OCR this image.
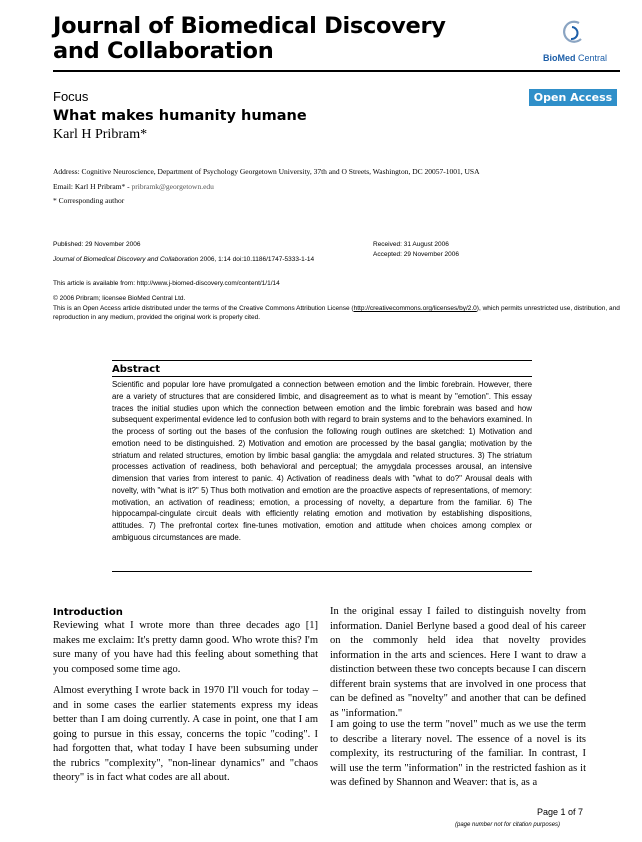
Journal of Biomedical Discovery and Collaboration	BioMed Central
Focus	Open Access
What makes humanity humane
Karl H Pribram*
Address: Cognitive Neuroscience, Department of Psychology Georgetown University, 37th and O Streets, Washington, DC 20057-1001, USA
Email: Karl H Pribram* - pribramk@georgetown.edu
* Corresponding author
Published: 29 November 2006
Journal of Biomedical Discovery and Collaboration 2006, 1:14 doi:10.1186/1747-5333-1-14
Received: 31 August 2006
Accepted: 29 November 2006
This article is available from: http://www.j-biomed-discovery.com/content/1/1/14
© 2006 Pribram; licensee BioMed Central Ltd.
This is an Open Access article distributed under the terms of the Creative Commons Attribution License (http://creativecommons.org/licenses/by/2.0), which permits unrestricted use, distribution, and reproduction in any medium, provided the original work is properly cited.
Abstract
Scientific and popular lore have promulgated a connection between emotion and the limbic forebrain. However, there are a variety of structures that are considered limbic, and disagreement as to what is meant by "emotion". This essay traces the initial studies upon which the connection between emotion and the limbic forebrain was based and how subsequent experimental evidence led to confusion both with regard to brain systems and to the behaviors examined. In the process of sorting out the bases of the confusion the following rough outlines are sketched: 1) Motivation and emotion need to be distinguished. 2) Motivation and emotion are processed by the basal ganglia; motivation by the striatum and related structures, emotion by limbic basal ganglia: the amygdala and related structures. 3) The striatum processes activation of readiness, both behavioral and perceptual; the amygdala processes arousal, an intensive dimension that varies from interest to panic. 4) Activation of readiness deals with "what to do?" Arousal deals with novelty, with "what is it?" 5) Thus both motivation and emotion are the proactive aspects of representations, of memory: motivation, an activation of readiness; emotion, a processing of novelty, a departure from the familiar. 6) The hippocampal-cingulate circuit deals with efficiently relating emotion and motivation by establishing dispositions, attitudes. 7) The prefrontal cortex fine-tunes motivation, emotion and attitude when choices among complex or ambiguous circumstances are made.
Introduction
Reviewing what I wrote more than three decades ago [1] makes me exclaim: It's pretty damn good. Who wrote this? I'm sure many of you have had this feeling about something that you composed some time ago.
Almost everything I wrote back in 1970 I'll vouch for today – and in some cases the earlier statements express my ideas better than I am doing currently. A case in point, one that I am going to pursue in this essay, concerns the topic "coding". I had forgotten that, what today I have been subsuming under the rubrics "complexity", "non-linear dynamics" and "chaos theory" is in fact what codes are all about.
In the original essay I failed to distinguish novelty from information. Daniel Berlyne based a good deal of his career on the commonly held idea that novelty provides information in the arts and sciences. Here I want to draw a distinction between these two concepts because I can discern different brain systems that are involved in one process that can be defined as "novelty" and another that can be defined as "information."
I am going to use the term "novel" much as we use the term to describe a literary novel. The essence of a novel is its complexity, its restructuring of the familiar. In contrast, I will use the term "information" in the restricted fashion as it was defined by Shannon and Weaver: that is, as a
Page 1 of 7
(page number not for citation purposes)
